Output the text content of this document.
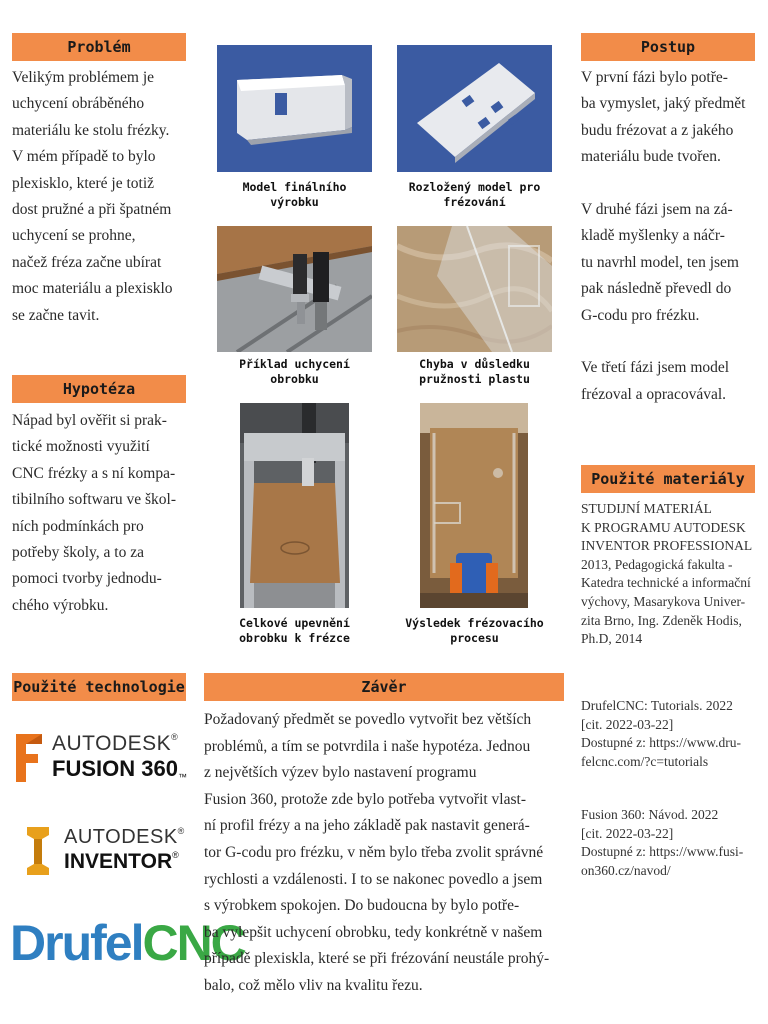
Problém
Velikým problémem je
uchycení obráběného
materiálu ke stolu frézky.
V mém případě to bylo
plexisklo, které je totiž
dost pružné a při špatném
uchycení se prohne,
načež fréza začne ubírat
moc materiálu a plexisklo
se začne tavit.
Hypotéza
Nápad byl ověřit si prak-
tické možnosti využití
CNC frézky a s ní kompa-
tibilního softwaru ve škol-
ních podmínkách pro
potřeby školy, a to za
pomoci tvorby jednodu-
chého výrobku.
Použité technologie
AUTODESK®
FUSION 360™
AUTODESK®
INVENTOR®
DrufelCNC
Model finálního
výrobku
Rozložený model pro
frézování
Příklad uchycení
obrobku
Chyba v důsledku
pružnosti plastu
Celkové upevnění
obrobku k frézce
Výsledek frézovacího
procesu
Závěr
Požadovaný předmět se povedlo vytvořit bez větších
problémů, a tím se potvrdila i naše hypotéza. Jednou
z největších výzev bylo nastavení programu
Fusion 360, protože zde bylo potřeba vytvořit vlast-
ní profil frézy a na jeho základě pak nastavit generá-
tor G-codu pro frézku, v něm bylo třeba zvolit správné
rychlosti a vzdálenosti. I to se nakonec povedlo a jsem
s výrobkem spokojen. Do budoucna by bylo potře-
ba vylepšit uchycení obrobku, tedy konkrétně v našem
případě plexiskla, které se při frézování neustále prohý-
balo, což mělo vliv na kvalitu řezu.
Postup
V první fázi bylo potře-
ba vymyslet, jaký předmět
budu frézovat a z jakého
materiálu bude tvořen.

V druhé fázi jsem na zá-
kladě myšlenky a náčr-
tu navrhl model, ten jsem
pak následně převedl do
G-codu pro frézku.

Ve třetí fázi jsem model
frézoval a opracovával.
Použité materiály
STUDIJNÍ MATERIÁL
K PROGRAMU AUTODESK
INVENTOR PROFESSIONAL
2013, Pedagogická fakulta -
Katedra technické a informační
výchovy, Masarykova Univer-
zita Brno, Ing. Zdeněk Hodis,
Ph.D, 2014
DrufelCNC: Tutorials. 2022
[cit. 2022-03-22]
Dostupné z: https://www.dru-
felcnc.com/?c=tutorials
Fusion 360: Návod. 2022
[cit. 2022-03-22]
Dostupné z: https://www.fusi-
on360.cz/navod/
